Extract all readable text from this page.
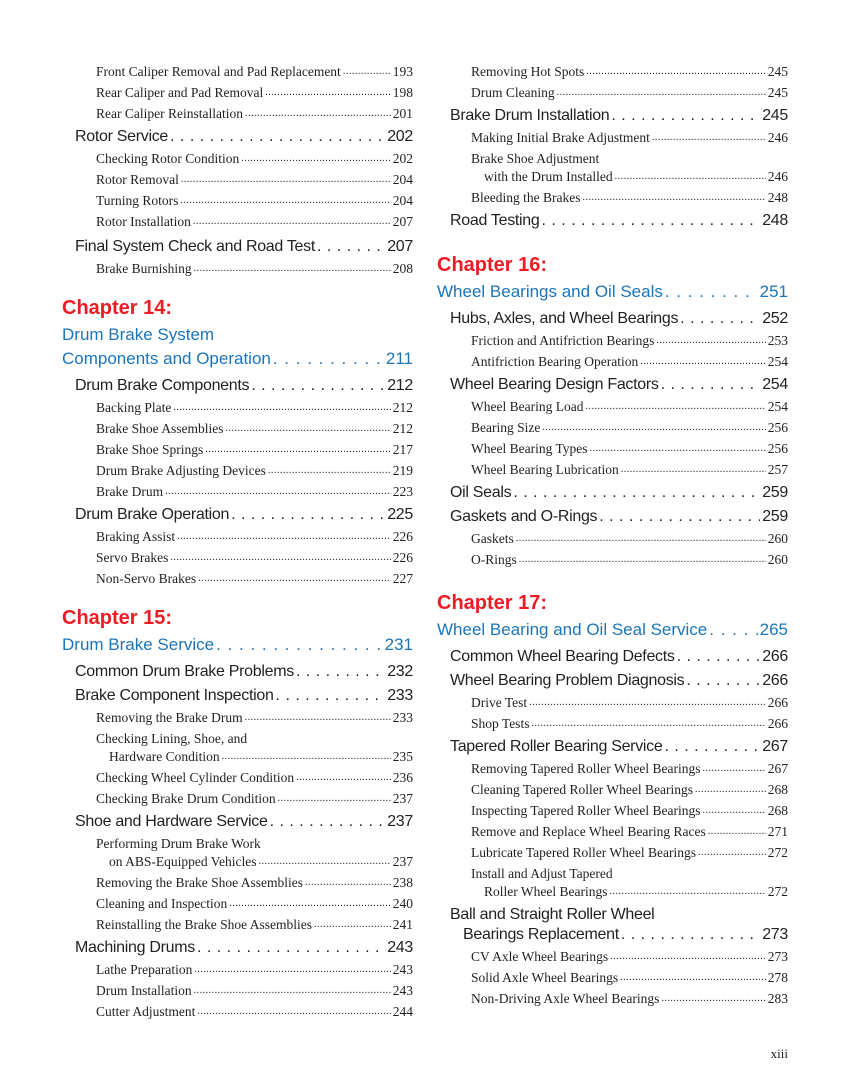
Front Caliper Removal and Pad Replacement . . .	193
Rear Caliper and Pad Removal . . .	198
Rear Caliper Reinstallation . . .	201
Rotor Service . . .	202
Checking Rotor Condition . . .	202
Rotor Removal . . .	204
Turning Rotors . . .	204
Rotor Installation . . .	207
Final System Check and Road Test . . .	207
Brake Burnishing . . .	208
Chapter 14:
Drum Brake System
Components and Operation . . .	211
Drum Brake Components . . .	212
Backing Plate . . .	212
Brake Shoe Assemblies . . .	212
Brake Shoe Springs . . .	217
Drum Brake Adjusting Devices . . .	219
Brake Drum . . .	223
Drum Brake Operation . . .	225
Braking Assist . . .	226
Servo Brakes . . .	226
Non-Servo Brakes . . .	227
Chapter 15:
Drum Brake Service . . .	231
Common Drum Brake Problems . . .	232
Brake Component Inspection . . .	233
Removing the Brake Drum . . .	233
Checking Lining, Shoe, and
Hardware Condition . . .	235
Checking Wheel Cylinder Condition . . .	236
Checking Brake Drum Condition . . .	237
Shoe and Hardware Service . . .	237
Performing Drum Brake Work
on ABS-Equipped Vehicles . . .	237
Removing the Brake Shoe Assemblies . . .	238
Cleaning and Inspection . . .	240
Reinstalling the Brake Shoe Assemblies . . .	241
Machining Drums . . .	243
Lathe Preparation . . .	243
Drum Installation . . .	243
Cutter Adjustment . . .	244
Removing Hot Spots . . .	245
Drum Cleaning . . .	245
Brake Drum Installation . . .	245
Making Initial Brake Adjustment . . .	246
Brake Shoe Adjustment
with the Drum Installed . . .	246
Bleeding the Brakes . . .	248
Road Testing . . .	248
Chapter 16:
Wheel Bearings and Oil Seals . . .	251
Hubs, Axles, and Wheel Bearings . . .	252
Friction and Antifriction Bearings . . .	253
Antifriction Bearing Operation . . .	254
Wheel Bearing Design Factors . . .	254
Wheel Bearing Load . . .	254
Bearing Size . . .	256
Wheel Bearing Types . . .	256
Wheel Bearing Lubrication . . .	257
Oil Seals . . .	259
Gaskets and O-Rings . . .	259
Gaskets . . .	260
O-Rings . . .	260
Chapter 17:
Wheel Bearing and Oil Seal Service . . .	265
Common Wheel Bearing Defects . . .	266
Wheel Bearing Problem Diagnosis . . .	266
Drive Test . . .	266
Shop Tests . . .	266
Tapered Roller Bearing Service . . .	267
Removing Tapered Roller Wheel Bearings . . .	267
Cleaning Tapered Roller Wheel Bearings . . .	268
Inspecting Tapered Roller Wheel Bearings . . .	268
Remove and Replace Wheel Bearing Races . . .	271
Lubricate Tapered Roller Wheel Bearings . . .	272
Install and Adjust Tapered
Roller Wheel Bearings . . .	272
Ball and Straight Roller Wheel
Bearings Replacement . . .	273
CV Axle Wheel Bearings . . .	273
Solid Axle Wheel Bearings . . .	278
Non-Driving Axle Wheel Bearings . . .	283
xiii
